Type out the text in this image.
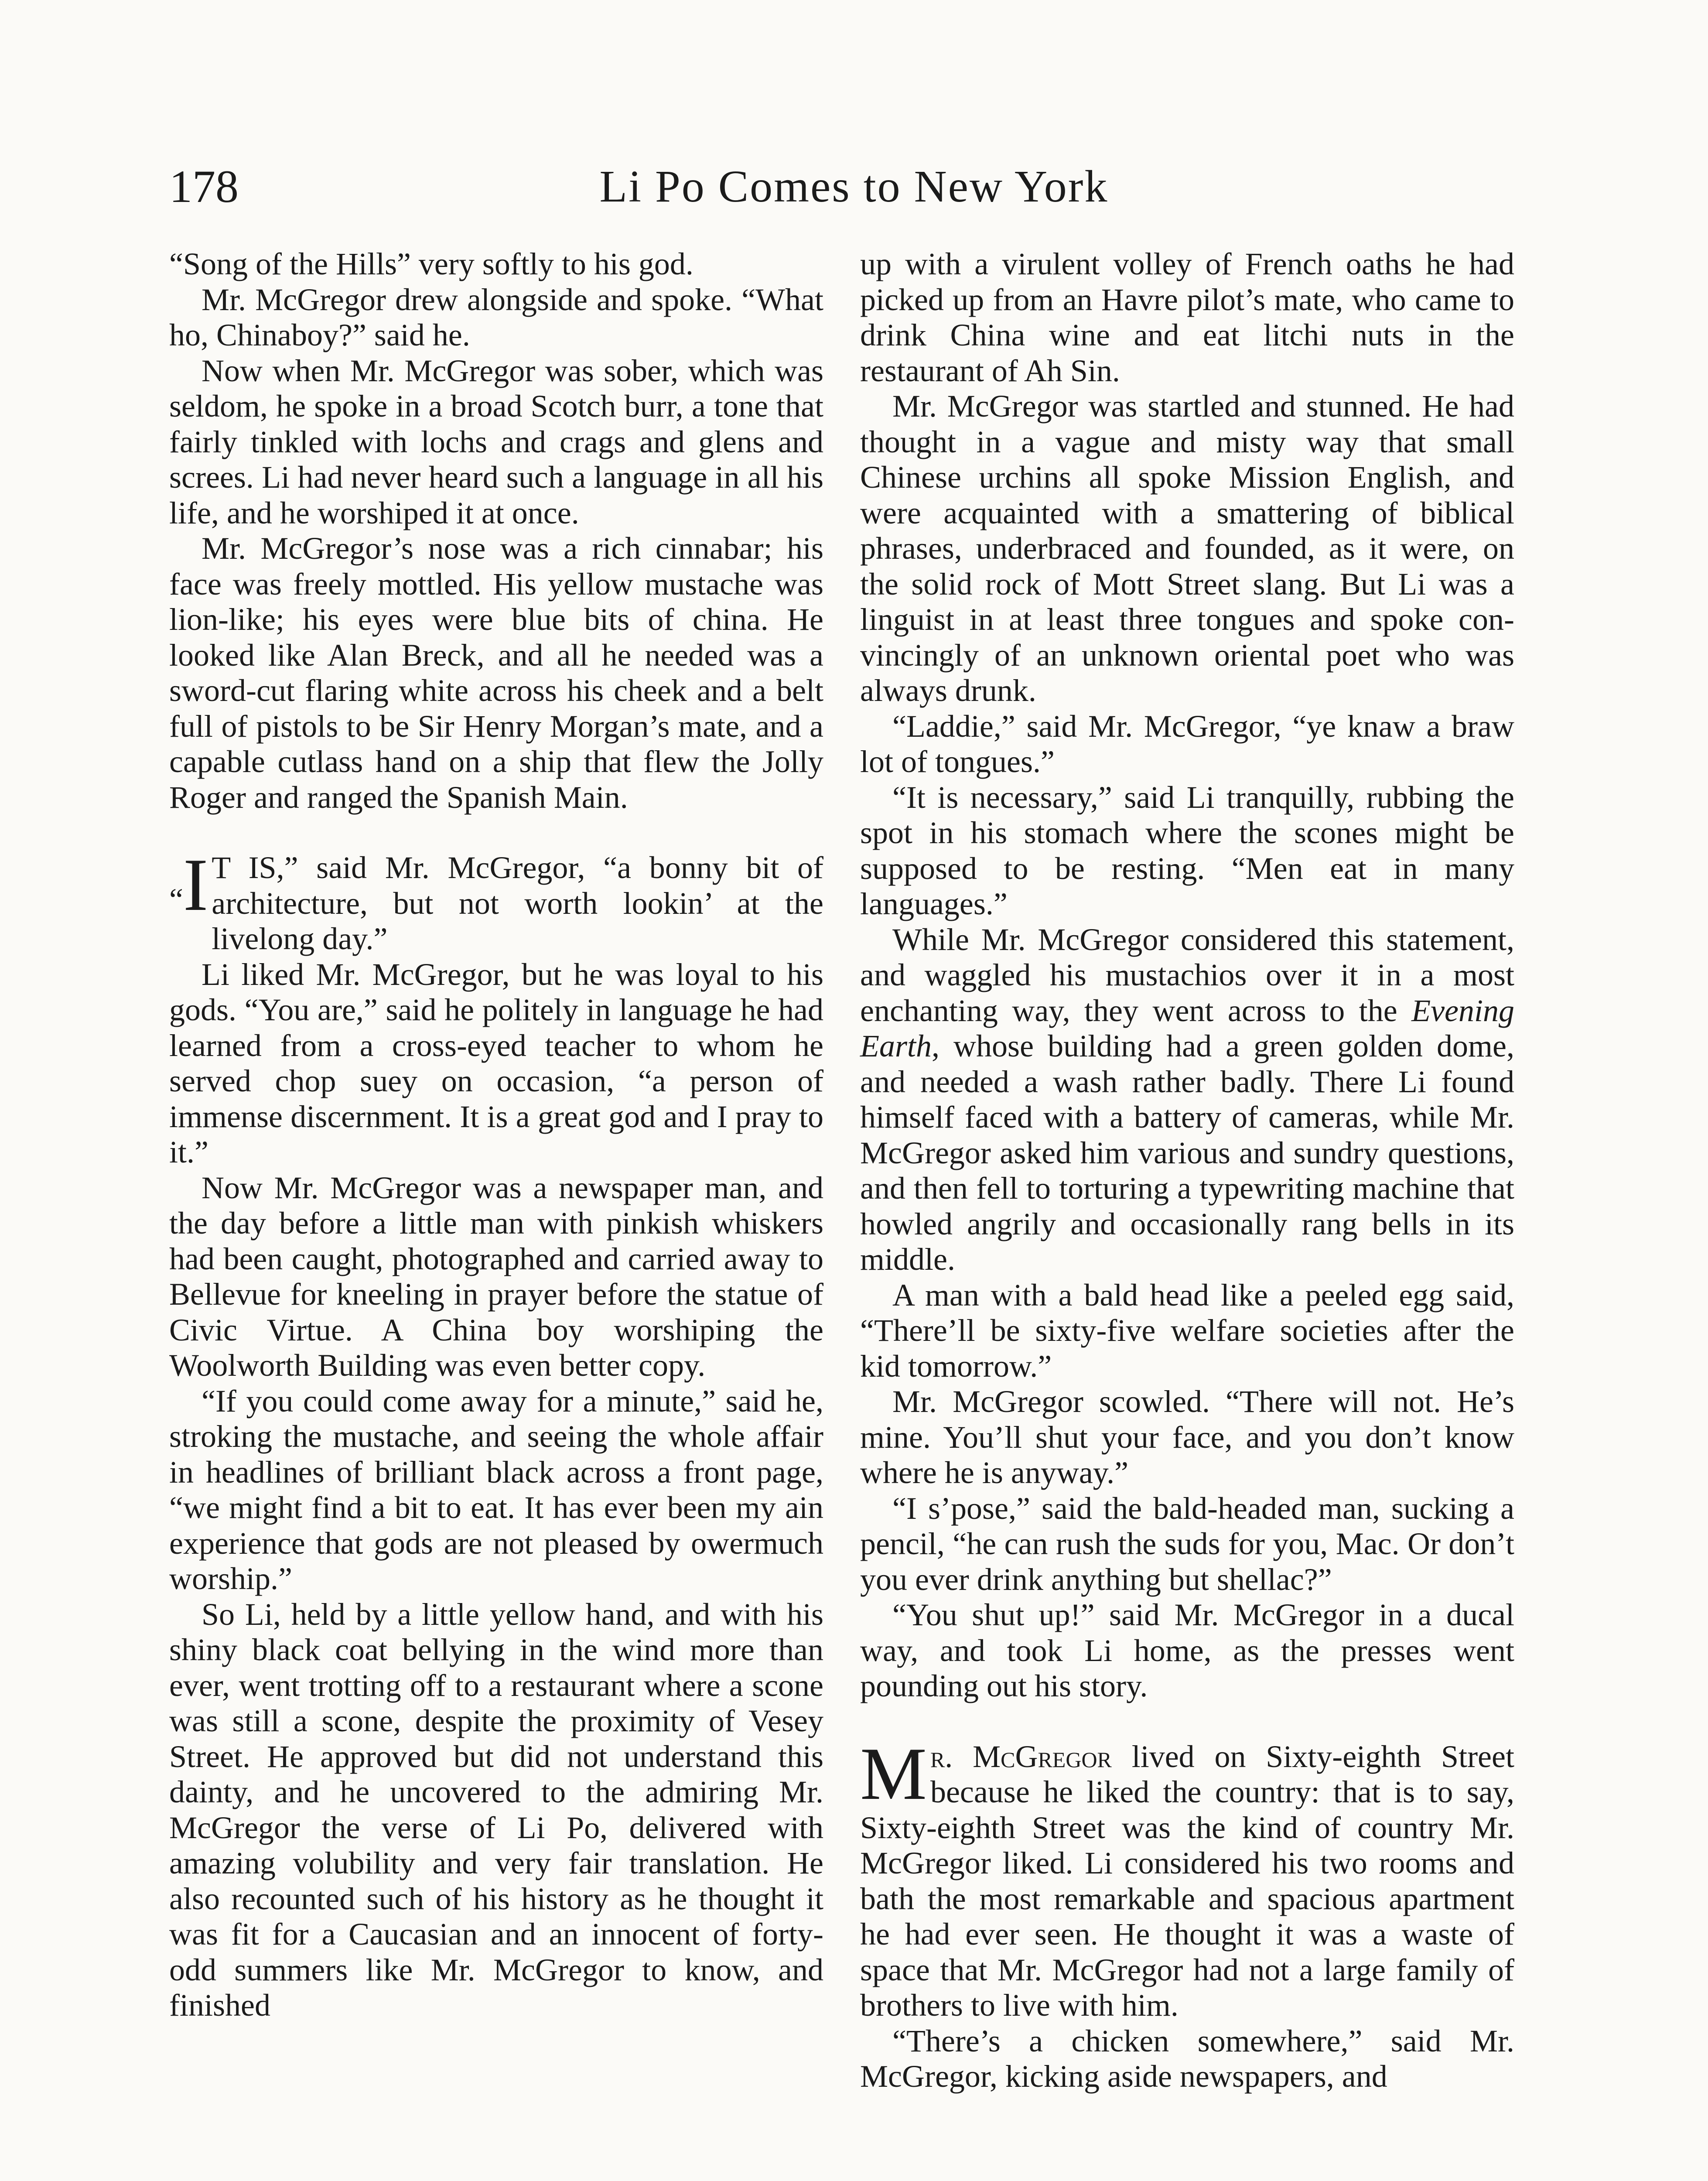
178	Li Po Comes to New York

“Song of the Hills” very softly to his god.

Mr. McGregor drew alongside and spoke. “What ho, Chinaboy?” said he.

Now when Mr. McGregor was sober, which was seldom, he spoke in a broad Scotch burr, a tone that fairly tinkled with lochs and crags and glens and screes. Li had never heard such a language in all his life, and he worshiped it at once.

Mr. McGregor’s nose was a rich cinnabar; his face was freely mottled. His yellow mustache was lion-like; his eyes were blue bits of china. He looked like Alan Breck, and all he needed was a sword-cut flaring white across his cheek and a belt full of pistols to be Sir Henry Morgan’s mate, and a capable cutlass hand on a ship that flew the Jolly Roger and ranged the Spanish Main.

“I T IS,” said Mr. McGregor, “a bonny bit of architecture, but not worth lookin’ at the livelong day.”

Li liked Mr. McGregor, but he was loyal to his gods. “You are,” said he politely in language he had learned from a cross-eyed teacher to whom he served chop suey on occasion, “a person of immense discernment. It is a great god and I pray to it.”

Now Mr. McGregor was a newspaper man, and the day before a little man with pinkish whiskers had been caught, photographed and carried away to Bellevue for kneeling in prayer before the statue of Civic Virtue. A China boy worshiping the Woolworth Building was even better copy.

“If you could come away for a minute,” said he, stroking the mustache, and seeing the whole affair in headlines of brilliant black across a front page, “we might find a bit to eat. It has ever been my ain experience that gods are not pleased by owermuch worship.”

So Li, held by a little yellow hand, and with his shiny black coat bellying in the wind more than ever, went trotting off to a restaurant where a scone was still a scone, despite the proximity of Vesey Street. He approved but did not understand this dainty, and he uncovered to the admiring Mr. McGregor the verse of Li Po, delivered with amazing volubility and very fair translation. He also recounted such of his history as he thought it was fit for a Caucasian and an innocent of forty-odd summers like Mr. McGregor to know, and finished

up with a virulent volley of French oaths he had picked up from an Havre pilot’s mate, who came to drink China wine and eat litchi nuts in the restaurant of Ah Sin.

Mr. McGregor was startled and stunned. He had thought in a vague and misty way that small Chinese urchins all spoke Mission English, and were acquainted with a smattering of biblical phrases, underbraced and founded, as it were, on the solid rock of Mott Street slang. But Li was a linguist in at least three tongues and spoke convincingly of an unknown oriental poet who was always drunk.

“Laddie,” said Mr. McGregor, “ye knaw a braw lot of tongues.”

“It is necessary,” said Li tranquilly, rubbing the spot in his stomach where the scones might be supposed to be resting. “Men eat in many languages.”

While Mr. McGregor considered this statement, and waggled his mustachios over it in a most enchanting way, they went across to the Evening Earth, whose building had a green golden dome, and needed a wash rather badly. There Li found himself faced with a battery of cameras, while Mr. McGregor asked him various and sundry questions, and then fell to torturing a typewriting machine that howled angrily and occasionally rang bells in its middle.

A man with a bald head like a peeled egg said, “There’ll be sixty-five welfare societies after the kid tomorrow.”

Mr. McGregor scowled. “There will not. He’s mine. You’ll shut your face, and you don’t know where he is anyway.”

“I s’pose,” said the bald-headed man, sucking a pencil, “he can rush the suds for you, Mac. Or don’t you ever drink anything but shellac?”

“You shut up!” said Mr. McGregor in a ducal way, and took Li home, as the presses went pounding out his story.

Mr. McGregor lived on Sixty-eighth Street because he liked the country: that is to say, Sixty-eighth Street was the kind of country Mr. McGregor liked. Li considered his two rooms and bath the most remarkable and spacious apartment he had ever seen. He thought it was a waste of space that Mr. McGregor had not a large family of brothers to live with him.

“There’s a chicken somewhere,” said Mr. McGregor, kicking aside newspapers, and
